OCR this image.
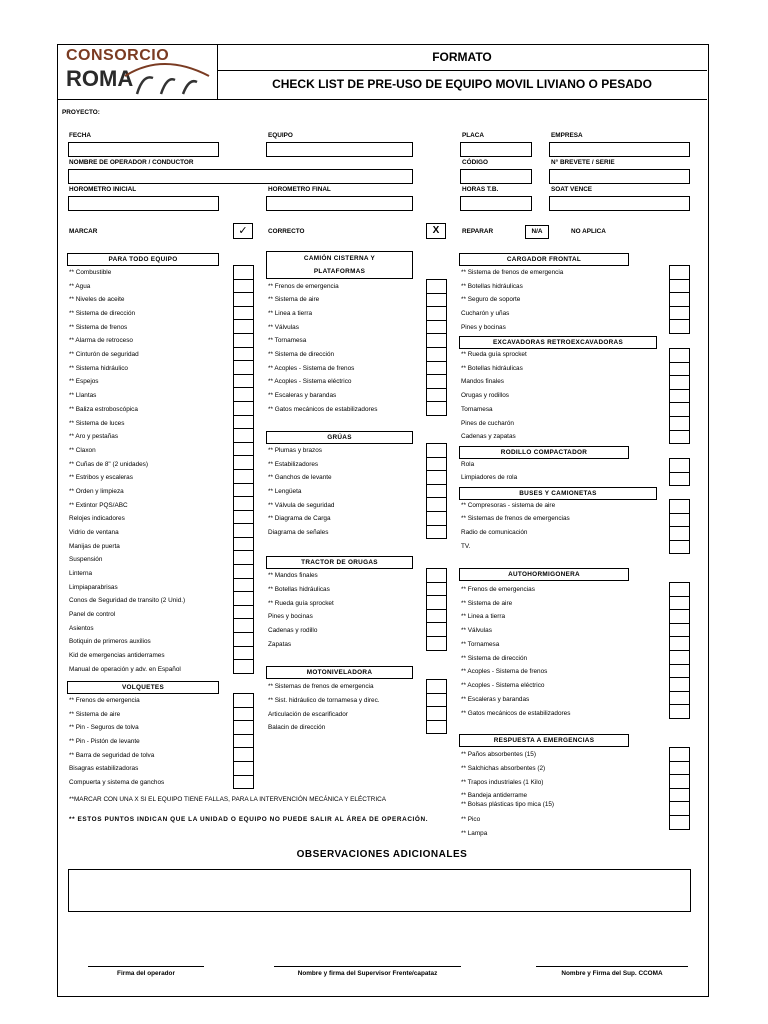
CONSORCIO
ROMA
FORMATO
CHECK LIST DE PRE-USO DE EQUIPO MOVIL LIVIANO O PESADO
PROYECTO:
FECHA	EQUIPO	PLACA	EMPRESA
NOMBRE DE OPERADOR / CONDUCTOR	CÓDIGO	N° BREVETE / SERIE
HOROMETRO INICIAL	HOROMETRO FINAL	HORAS T.B.	SOAT VENCE
MARCAR	✓	CORRECTO	X	REPARAR	N/A	NO APLICA
PARA TODO EQUIPO
** Combustible
** Agua
** Niveles de aceite
** Sistema de dirección
** Sistema de frenos
** Alarma de retroceso
** Cinturón de seguridad
** Sistema hidráulico
** Espejos
** Llantas
** Baliza estroboscópica
** Sistema de luces
** Aro y pestañas
** Claxon
** Cuñas de 8" (2 unidades)
** Estribos y escaleras
** Orden y limpieza
** Extintor PQS/ABC
Relojes indicadores
Vidrio de ventana
Manijas de puerta
Suspensión
Linterna
Limpiaparabrisas
Conos de Seguridad de transito (2 Unid.)
Panel de control
Asientos
Botiquin de primeros auxilios
Kid de emergencias antiderrames
Manual de operación y adv. en Español
VOLQUETES
** Frenos de emergencia
** Sistema de aire
** Pin - Seguros de tolva
** Pin - Pistón de levante
** Barra de seguridad de tolva
Bisagras estabilizadoras
Compuerta y sistema de ganchos
CAMIÓN CISTERNA Y
PLATAFORMAS
** Frenos de emergencia
** Sistema de aire
** Linea a tierra
** Válvulas
** Tornamesa
** Sistema de dirección
** Acoples - Sistema de frenos
** Acoples - Sistema eléctrico
** Escaleras y barandas
** Gatos mecánicos de estabilizadores
GRÚAS
** Plumas y brazos
** Estabilizadores
** Ganchos de levante
** Lengüeta
** Válvula de seguridad
** Diagrama de Carga
Diagrama de señales
TRACTOR DE ORUGAS
** Mandos finales
** Botellas hidráulicas
** Rueda guía sprocket
Pines y bocinas
Cadenas y rodillo
Zapatas
MOTONIVELADORA
** Sistemas de frenos de emergencia
** Sist. hidráulico de tornamesa y direc.
Articulación de escarificador
Balacin de dirección
CARGADOR FRONTAL
** Sistema de frenos de emergencia
** Botellas hidráulicas
** Seguro de soporte
Cucharón y uñas
Pines y bocinas
EXCAVADORAS RETROEXCAVADORAS
** Rueda guía sprocket
** Botellas hidráulicas
Mandos finales
Orugas y rodillos
Tornamesa
Pines de cucharón
Cadenas y zapatas
RODILLO COMPACTADOR
Rola
Limpiadores de rola
BUSES Y CAMIONETAS
** Compresoras - sistema de aire
** Sistemas de frenos de emergencias
Radio de comunicación
TV.
AUTOHORMIGONERA
** Frenos de emergencias
** Sistema de aire
** Linea a tierra
** Válvulas
** Tornamesa
** Sistema de dirección
** Acoples - Sistema de frenos
** Acoples - Sistema eléctrico
** Escaleras y barandas
** Gatos mecánicos de estabilizadores
RESPUESTA A EMERGENCIAS
** Paños absorbentes (15)
** Salchichas absorbentes (2)
** Trapos industriales (1 Kilo)
** Bandeja antiderrame
** Bolsas plásticas tipo mica (15)
** Pico
** Lampa
**MARCAR CON UNA X SI EL EQUIPO TIENE FALLAS, PARA LA INTERVENCIÓN MECÁNICA Y ELÉCTRICA
** ESTOS PUNTOS INDICAN QUE LA UNIDAD O EQUIPO NO PUEDE SALIR AL ÁREA DE OPERACIÓN.
OBSERVACIONES ADICIONALES
Firma del operador	Nombre y firma del Supervisor Frente/capataz	Nombre y Firma del Sup. CCOMA
